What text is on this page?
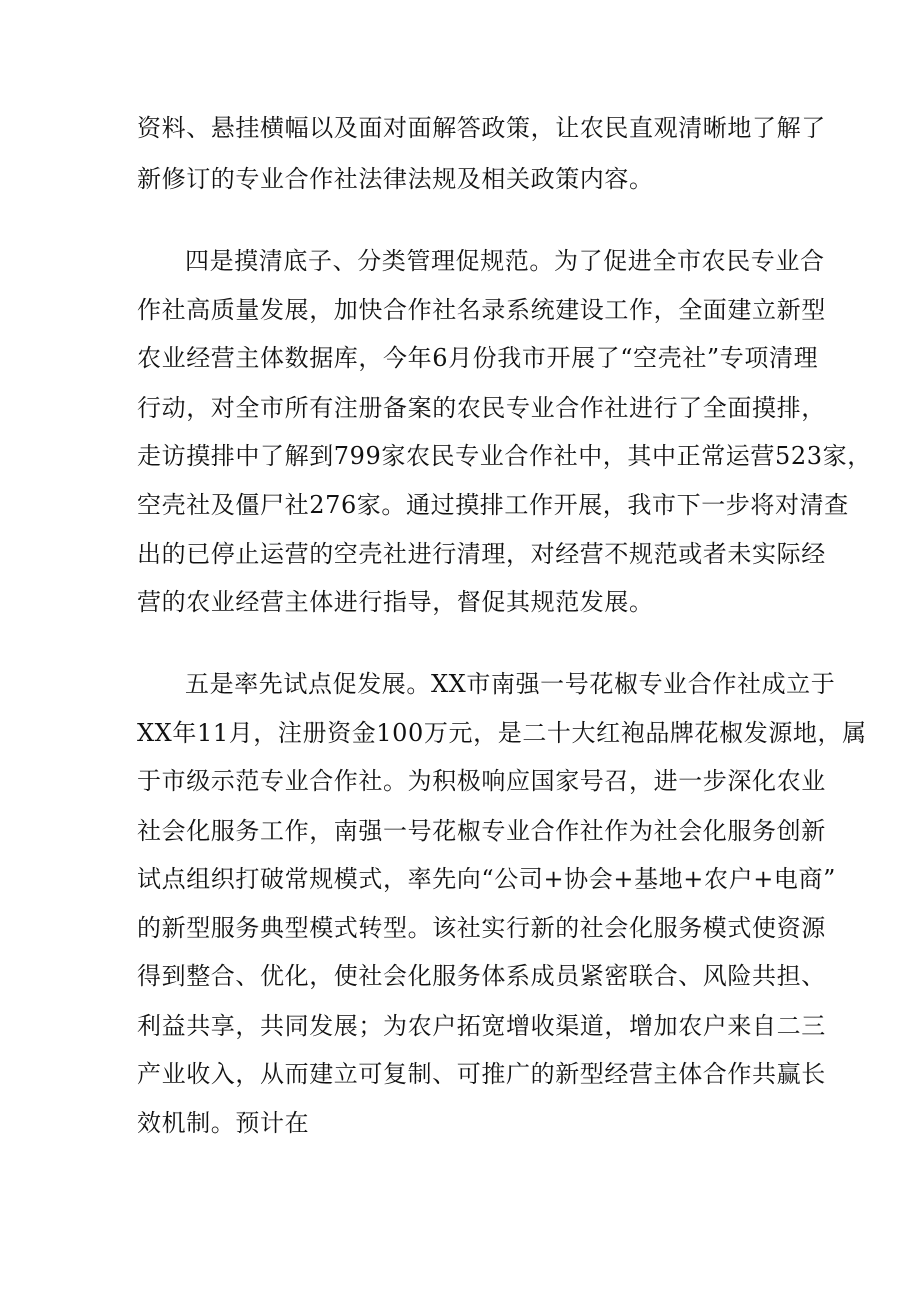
资料、悬挂横幅以及面对面解答政策，让农民直观清晰地了解了

新修订的专业合作社法律法规及相关政策内容。

四是摸清底子、分类管理促规范。为了促进全市农民专业合

作社高质量发展，加快合作社名录系统建设工作，全面建立新型

农业经营主体数据库，今年6月份我市开展了“空壳社”专项清理

行动，对全市所有注册备案的农民专业合作社进行了全面摸排，

走访摸排中了解到799家农民专业合作社中，其中正常运营523家，

空壳社及僵尸社276家。通过摸排工作开展，我市下一步将对清查

出的已停止运营的空壳社进行清理，对经营不规范或者未实际经

营的农业经营主体进行指导，督促其规范发展。

五是率先试点促发展。XX市南强一号花椒专业合作社成立于

XX年11月，注册资金100万元，是二十大红袍品牌花椒发源地，属

于市级示范专业合作社。为积极响应国家号召，进一步深化农业

社会化服务工作，南强一号花椒专业合作社作为社会化服务创新

试点组织打破常规模式，率先向“公司+协会+基地+农户+电商”

的新型服务典型模式转型。该社实行新的社会化服务模式使资源

得到整合、优化，使社会化服务体系成员紧密联合、风险共担、

利益共享，共同发展；为农户拓宽增收渠道，增加农户来自二三

产业收入，从而建立可复制、可推广的新型经营主体合作共赢长

效机制。预计在
